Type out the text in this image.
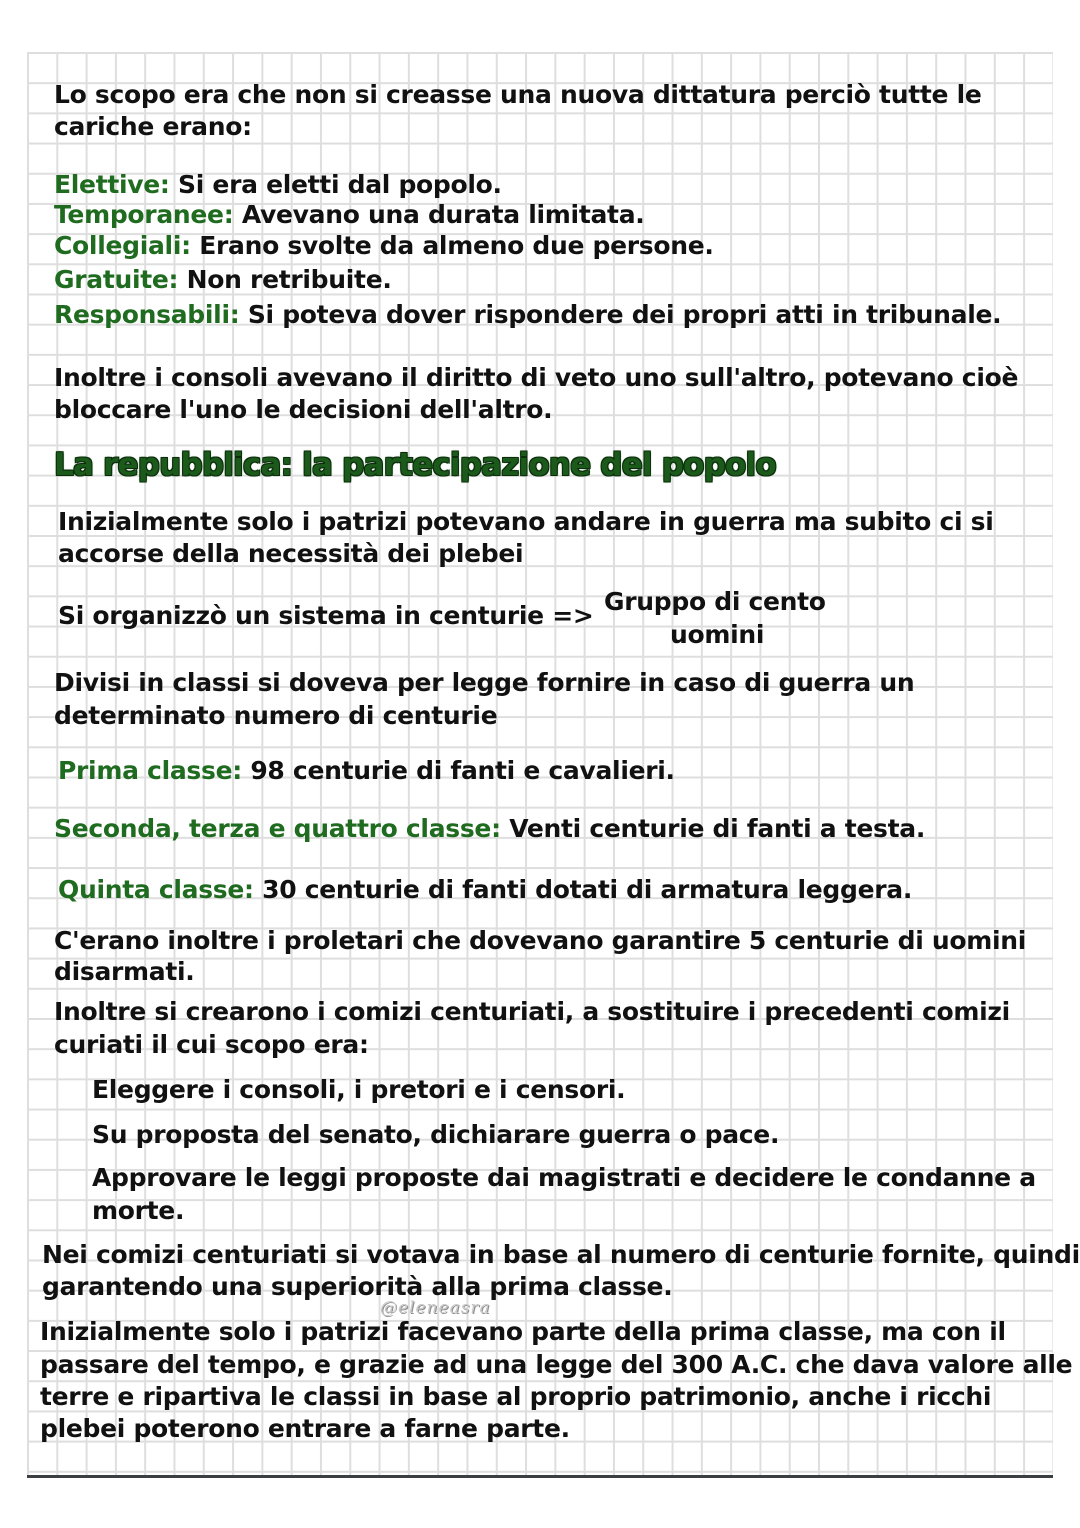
Lo scopo era che non si creasse una nuova dittatura perciò tutte le
cariche erano:
Elettive: Si era eletti dal popolo.
Temporanee: Avevano una durata limitata.
Collegiali: Erano svolte da almeno due persone.
Gratuite: Non retribuite.
Responsabili: Si poteva dover rispondere dei propri atti in tribunale.
Inoltre i consoli avevano il diritto di veto uno sull'altro, potevano cioè
bloccare l'uno le decisioni dell'altro.
La repubblica: la partecipazione del popolo
Inizialmente solo i patrizi potevano andare in guerra ma subito ci si
accorse della necessità dei plebei
Si organizzò un sistema in centurie => Gruppo di cento
uomini
Divisi in classi si doveva per legge fornire in caso di guerra un
determinato numero di centurie
Prima classe: 98 centurie di fanti e cavalieri.
Seconda, terza e quattro classe: Venti centurie di fanti a testa.
Quinta classe: 30 centurie di fanti dotati di armatura leggera.
C'erano inoltre i proletari che dovevano garantire 5 centurie di uomini
disarmati.
Inoltre si crearono i comizi centuriati, a sostituire i precedenti comizi
curiati il cui scopo era:
Eleggere i consoli, i pretori e i censori.
Su proposta del senato, dichiarare guerra o pace.
Approvare le leggi proposte dai magistrati e decidere le condanne a
morte.
Nei comizi centuriati si votava in base al numero di centurie fornite, quindi
garantendo una superiorità alla prima classe.
@eleneasra
Inizialmente solo i patrizi facevano parte della prima classe, ma con il
passare del tempo, e grazie ad una legge del 300 A.C. che dava valore alle
terre e ripartiva le classi in base al proprio patrimonio, anche i ricchi
plebei poterono entrare a farne parte.
